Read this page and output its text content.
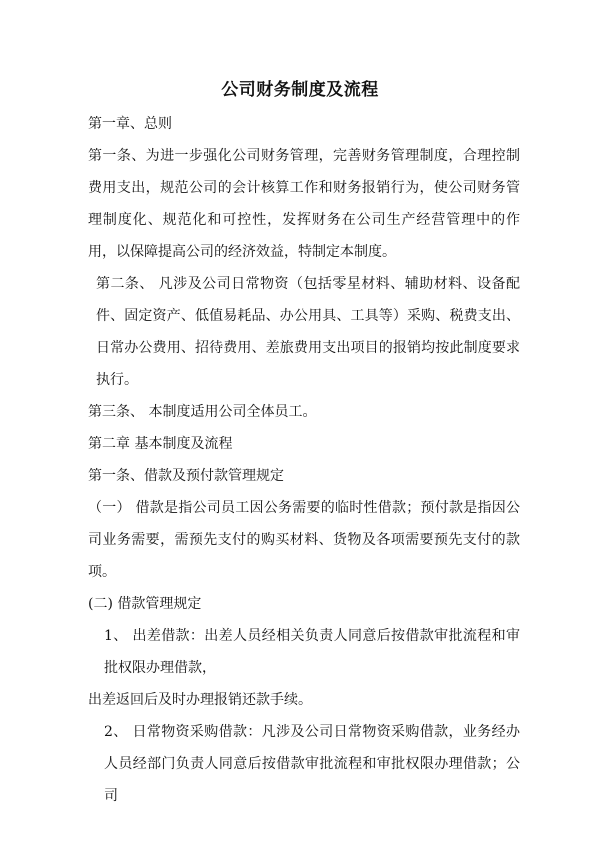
公司财务制度及流程
第一章、总则
第一条、为进一步强化公司财务管理，完善财务管理制度，合理控制费用支出，规范公司的会计核算工作和财务报销行为，使公司财务管理制度化、规范化和可控性，发挥财务在公司生产经营管理中的作用，以保障提高公司的经济效益，特制定本制度。
第二条、 凡涉及公司日常物资（包括零星材料、辅助材料、设备配件、固定资产、低值易耗品、办公用具、工具等）采购、税费支出、日常办公费用、招待费用、差旅费用支出项目的报销均按此制度要求执行。
第三条、 本制度适用公司全体员工。
第二章 基本制度及流程
第一条、借款及预付款管理规定
（一） 借款是指公司员工因公务需要的临时性借款；预付款是指因公司业务需要，需预先支付的购买材料、货物及各项需要预先支付的款项。
(二) 借款管理规定
1、 出差借款：出差人员经相关负责人同意后按借款审批流程和审批权限办理借款，
出差返回后及时办理报销还款手续。
2、 日常物资采购借款：凡涉及公司日常物资采购借款，业务经办人员经部门负责人同意后按借款审批流程和审批权限办理借款；公司
